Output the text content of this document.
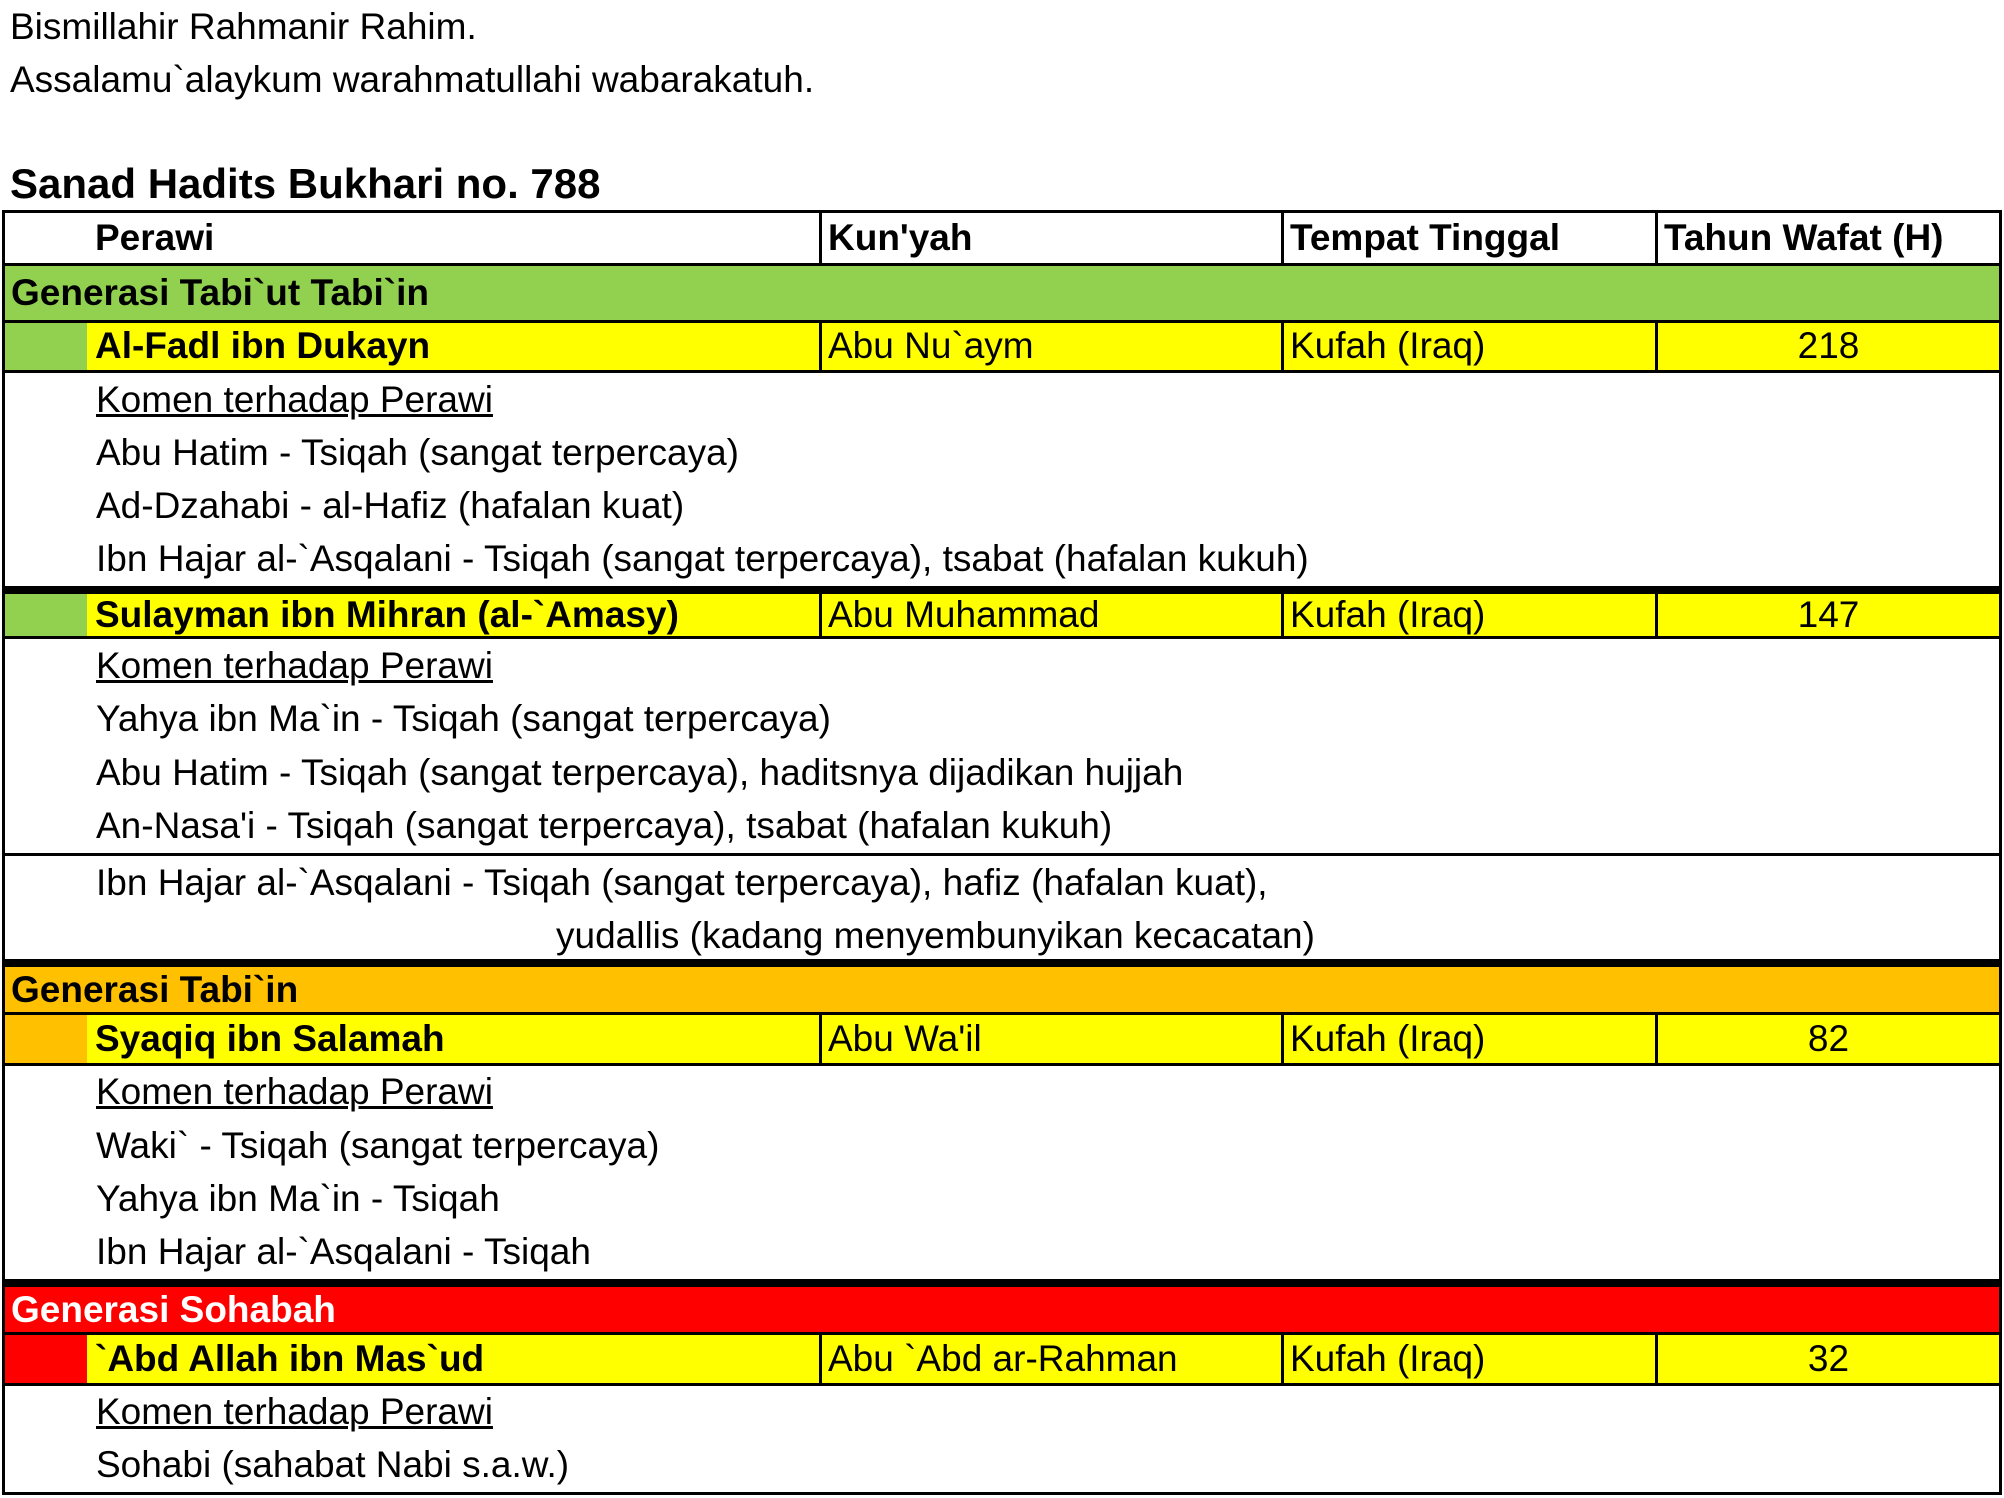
Bismillahir Rahmanir Rahim.
Assalamu`alaykum warahmatullahi wabarakatuh.
Sanad Hadits Bukhari no. 788
Perawi	Kun'yah	Tempat Tinggal	Tahun Wafat (H)
Generasi Tabi`ut Tabi`in
Al-Fadl ibn Dukayn	Abu Nu`aym	Kufah (Iraq)	218
Komen terhadap Perawi
Abu Hatim - Tsiqah (sangat terpercaya)
Ad-Dzahabi - al-Hafiz (hafalan kuat)
Ibn Hajar al-`Asqalani - Tsiqah (sangat terpercaya), tsabat (hafalan kukuh)
Sulayman ibn Mihran (al-`Amasy)	Abu Muhammad	Kufah (Iraq)	147
Komen terhadap Perawi
Yahya ibn Ma`in - Tsiqah (sangat terpercaya)
Abu Hatim - Tsiqah (sangat terpercaya), haditsnya dijadikan hujjah
An-Nasa'i - Tsiqah (sangat terpercaya), tsabat (hafalan kukuh)
Ibn Hajar al-`Asqalani - Tsiqah (sangat terpercaya), hafiz (hafalan kuat),
yudallis (kadang menyembunyikan kecacatan)
Generasi Tabi`in
Syaqiq ibn Salamah	Abu Wa'il	Kufah (Iraq)	82
Komen terhadap Perawi
Waki` - Tsiqah (sangat terpercaya)
Yahya ibn Ma`in - Tsiqah
Ibn Hajar al-`Asqalani - Tsiqah
Generasi Sohabah
`Abd Allah ibn Mas`ud	Abu `Abd ar-Rahman	Kufah (Iraq)	32
Komen terhadap Perawi
Sohabi (sahabat Nabi s.a.w.)
